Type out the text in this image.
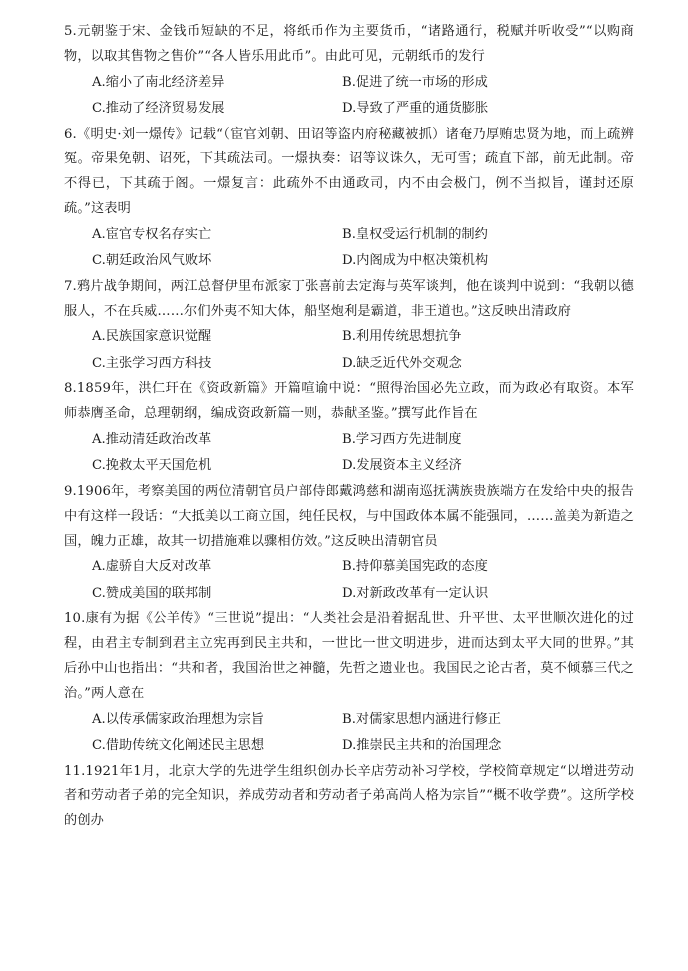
5.元朝鉴于宋、金钱币短缺的不足，将纸币作为主要货币，“诸路通行，税赋并听收受”“以购商物，以取其售物之售价”“各人皆乐用此币”。由此可见，元朝纸币的发行

A.缩小了南北经济差异	B.促进了统一市场的形成
C.推动了经济贸易发展	D.导致了严重的通货膨胀

6.《明史·刘一燝传》记载“（宦官刘朝、田诏等盗内府秘藏被抓）诸奄乃厚贿忠贤为地，而上疏辨冤。帝果免朝、诏死，下其疏法司。一燝执奏：诏等议诛久，无可雪；疏直下部，前无此制。帝不得已，下其疏于阁。一燝复言：此疏外不由通政司，内不由会极门，例不当拟旨，谨封还原疏。”这表明

A.宦官专权名存实亡	B.皇权受运行机制的制约
C.朝廷政治风气败坏	D.内阁成为中枢决策机构

7.鸦片战争期间，两江总督伊里布派家丁张喜前去定海与英军谈判，他在谈判中说到：“我朝以德服人，不在兵威……尔们外夷不知大体，船坚炮利是霸道，非王道也。”这反映出清政府

A.民族国家意识觉醒	B.利用传统思想抗争
C.主张学习西方科技	D.缺乏近代外交观念

8.1859年，洪仁玕在《资政新篇》开篇喧谕中说：“照得治国必先立政，而为政必有取资。本军师恭膺圣命，总理朝纲，编成资政新篇一则，恭献圣鉴。”撰写此作旨在

A.推动清廷政治改革	B.学习西方先进制度
C.挽救太平天国危机	D.发展资本主义经济

9.1906年，考察美国的两位清朝官员户部侍郎戴鸿慈和湖南巡抚满族贵族端方在发给中央的报告中有这样一段话：“大抵美以工商立国，纯任民权，与中国政体本属不能强同，……盖美为新造之国，魄力正雄，故其一切措施难以骤相仿效。”这反映出清朝官员

A.虚骄自大反对改革	B.持仰慕美国宪政的态度
C.赞成美国的联邦制	D.对新政改革有一定认识

10.康有为据《公羊传》“三世说”提出：“人类社会是沿着据乱世、升平世、太平世顺次进化的过程，由君主专制到君主立宪再到民主共和，一世比一世文明进步，进而达到太平大同的世界。”其后孙中山也指出：“共和者，我国治世之神髓，先哲之遗业也。我国民之论古者，莫不倾慕三代之治。”两人意在

A.以传承儒家政治理想为宗旨	B.对儒家思想内涵进行修正
C.借助传统文化阐述民主思想	D.推崇民主共和的治国理念

11.1921年1月，北京大学的先进学生组织创办长辛店劳动补习学校，学校简章规定“以增进劳动者和劳动者子弟的完全知识，养成劳动者和劳动者子弟高尚人格为宗旨”“概不收学费”。这所学校的创办
